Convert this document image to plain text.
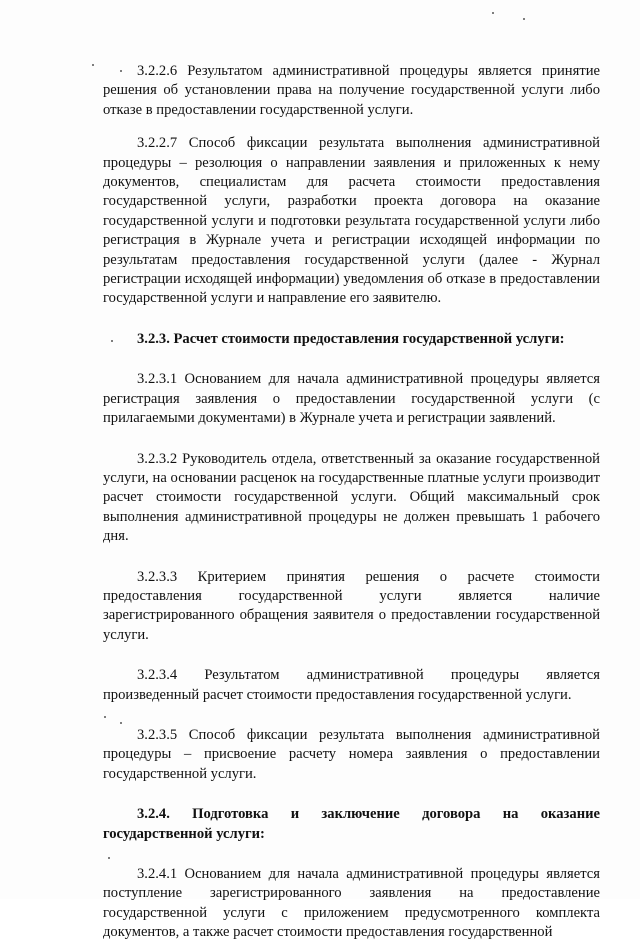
3.2.2.6 Результатом административной процедуры является принятие решения об установлении права на получение государственной услуги либо отказе в предоставлении государственной услуги.

3.2.2.7 Способ фиксации результата выполнения административной процедуры – резолюция о направлении заявления и приложенных к нему документов, специалистам для расчета стоимости предоставления государственной услуги, разработки проекта договора на оказание государственной услуги и подготовки результата государственной услуги либо регистрация в Журнале учета и регистрации исходящей информации по результатам предоставления государственной услуги (далее - Журнал регистрации исходящей информации) уведомления об отказе в предоставлении государственной услуги и направление его заявителю.

3.2.3. Расчет стоимости предоставления государственной услуги:

3.2.3.1 Основанием для начала административной процедуры является регистрация заявления о предоставлении государственной услуги (с прилагаемыми документами) в Журнале учета и регистрации заявлений.

3.2.3.2 Руководитель отдела, ответственный за оказание государственной услуги, на основании расценок на государственные платные услуги производит расчет стоимости государственной услуги. Общий максимальный срок выполнения административной процедуры не должен превышать 1 рабочего дня.

3.2.3.3 Критерием принятия решения о расчете стоимости предоставления государственной услуги является наличие зарегистрированного обращения заявителя о предоставлении государственной услуги.

3.2.3.4 Результатом административной процедуры является произведенный расчет стоимости предоставления государственной услуги.

3.2.3.5 Способ фиксации результата выполнения административной процедуры – присвоение расчету номера заявления о предоставлении государственной услуги.

3.2.4. Подготовка и заключение договора на оказание государственной услуги:

3.2.4.1 Основанием для начала административной процедуры является поступление зарегистрированного заявления на предоставление государственной услуги с приложением предусмотренного комплекта документов, а также расчет стоимости предоставления государственной
